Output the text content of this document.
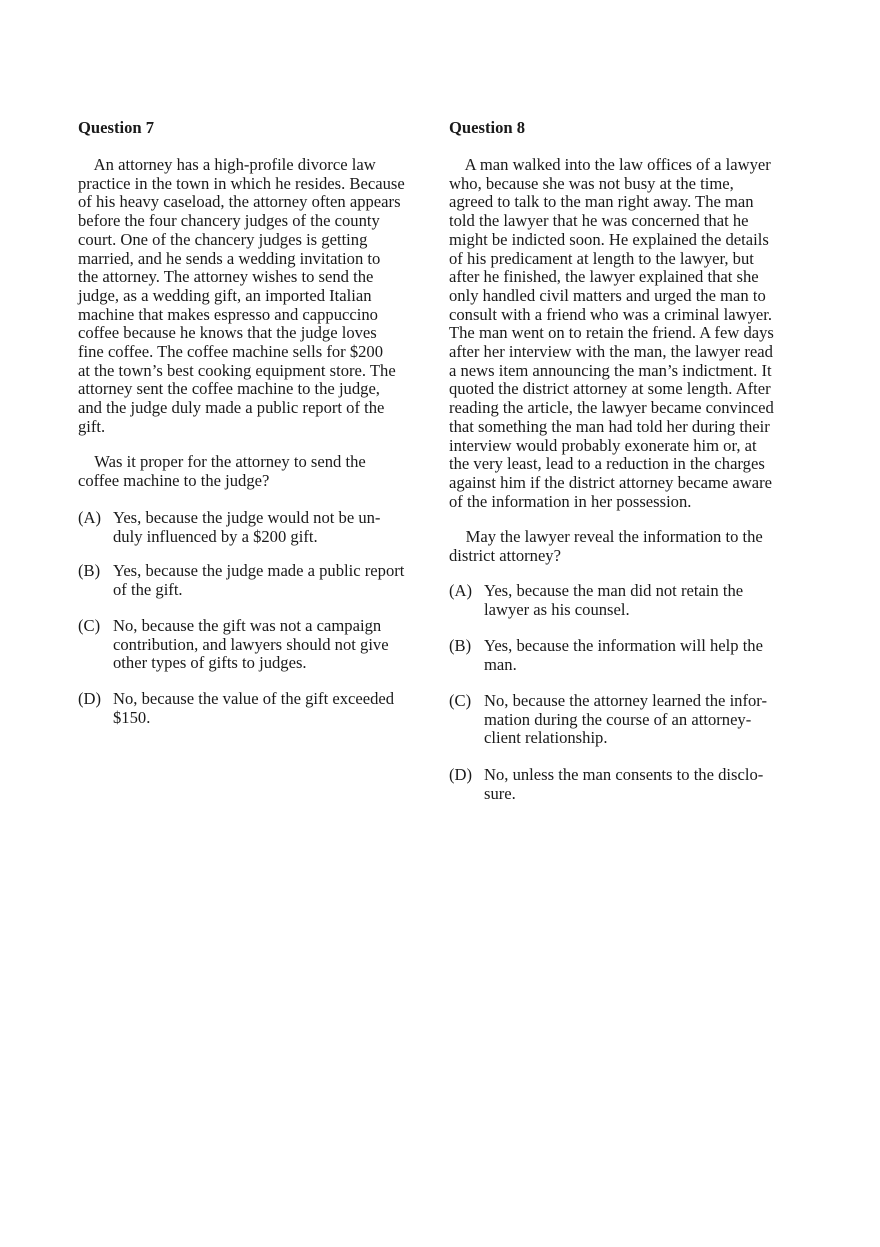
Question 7
An attorney has a high-profile divorce law
practice in the town in which he resides. Because
of his heavy caseload, the attorney often appears
before the four chancery judges of the county
court. One of the chancery judges is getting
married, and he sends a wedding invitation to
the attorney. The attorney wishes to send the
judge, as a wedding gift, an imported Italian
machine that makes espresso and cappuccino
coffee because he knows that the judge loves
fine coffee. The coffee machine sells for $200
at the town’s best cooking equipment store. The
attorney sent the coffee machine to the judge,
and the judge duly made a public report of the
gift.
Was it proper for the attorney to send the
coffee machine to the judge?
(A) Yes, because the judge would not be un-
duly influenced by a $200 gift.
(B) Yes, because the judge made a public report
of the gift.
(C) No, because the gift was not a campaign
contribution, and lawyers should not give
other types of gifts to judges.
(D) No, because the value of the gift exceeded
$150.
Question 8
A man walked into the law offices of a lawyer
who, because she was not busy at the time,
agreed to talk to the man right away. The man
told the lawyer that he was concerned that he
might be indicted soon. He explained the details
of his predicament at length to the lawyer, but
after he finished, the lawyer explained that she
only handled civil matters and urged the man to
consult with a friend who was a criminal lawyer.
The man went on to retain the friend. A few days
after her interview with the man, the lawyer read
a news item announcing the man’s indictment. It
quoted the district attorney at some length. After
reading the article, the lawyer became convinced
that something the man had told her during their
interview would probably exonerate him or, at
the very least, lead to a reduction in the charges
against him if the district attorney became aware
of the information in her possession.
May the lawyer reveal the information to the
district attorney?
(A) Yes, because the man did not retain the
lawyer as his counsel.
(B) Yes, because the information will help the
man.
(C) No, because the attorney learned the infor-
mation during the course of an attorney-
client relationship.
(D) No, unless the man consents to the disclo-
sure.
